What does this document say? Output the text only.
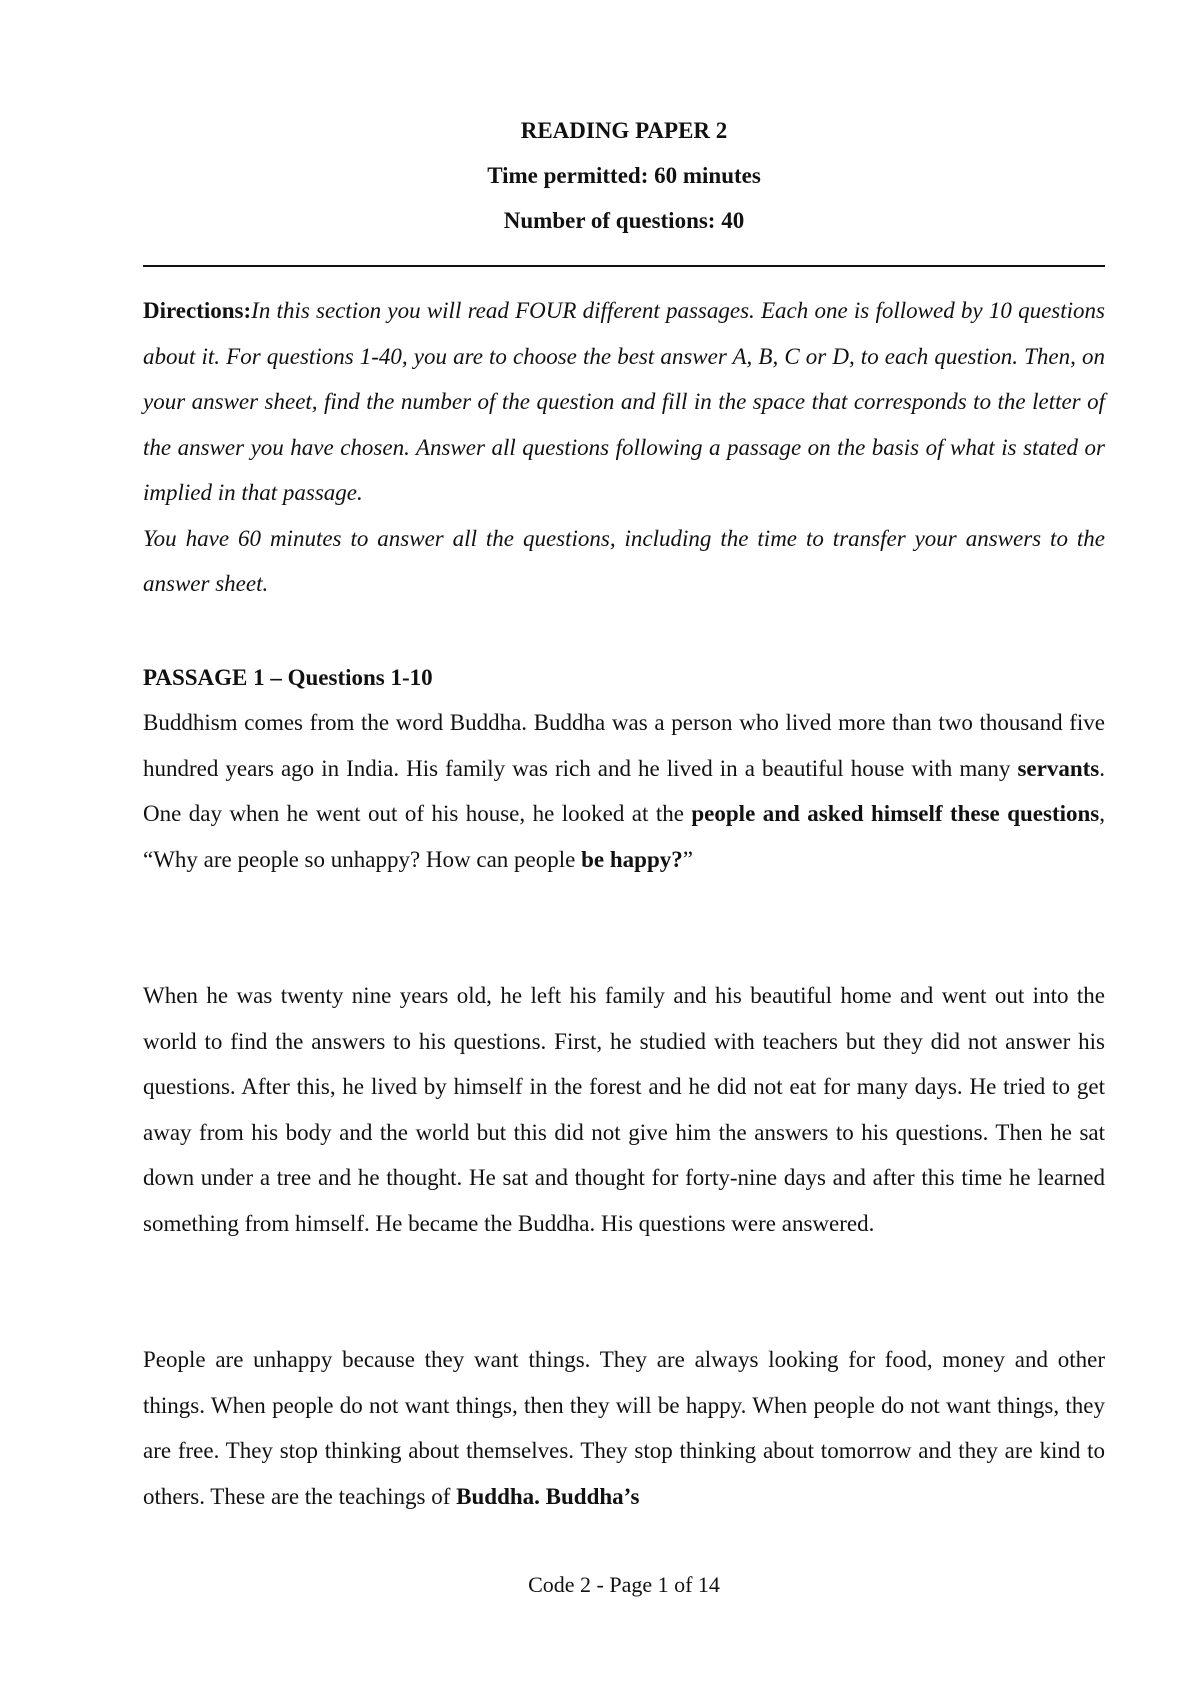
READING PAPER 2
Time permitted: 60 minutes
Number of questions: 40

Directions:In this section you will read FOUR different passages. Each one is followed by 10 questions about it. For questions 1-40, you are to choose the best answer A, B, C or D, to each question. Then, on your answer sheet, find the number of the question and fill in the space that corresponds to the letter of the answer you have chosen. Answer all questions following a passage on the basis of what is stated or implied in that passage.

You have 60 minutes to answer all the questions, including the time to transfer your answers to the answer sheet.

PASSAGE 1 – Questions 1-10

Buddhism comes from the word Buddha. Buddha was a person who lived more than two thousand five hundred years ago in India. His family was rich and he lived in a beautiful house with many servants. One day when he went out of his house, he looked at the people and asked himself these questions, “Why are people so unhappy? How can people be happy?”

When he was twenty nine years old, he left his family and his beautiful home and went out into the world to find the answers to his questions. First, he studied with teachers but they did not answer his questions. After this, he lived by himself in the forest and he did not eat for many days. He tried to get away from his body and the world but this did not give him the answers to his questions. Then he sat down under a tree and he thought. He sat and thought for forty-nine days and after this time he learned something from himself. He became the Buddha. His questions were answered.

People are unhappy because they want things. They are always looking for food, money and other things. When people do not want things, then they will be happy. When people do not want things, they are free. They stop thinking about themselves. They stop thinking about tomorrow and they are kind to others. These are the teachings of Buddha. Buddha’s

Code 2 - Page 1 of 14
